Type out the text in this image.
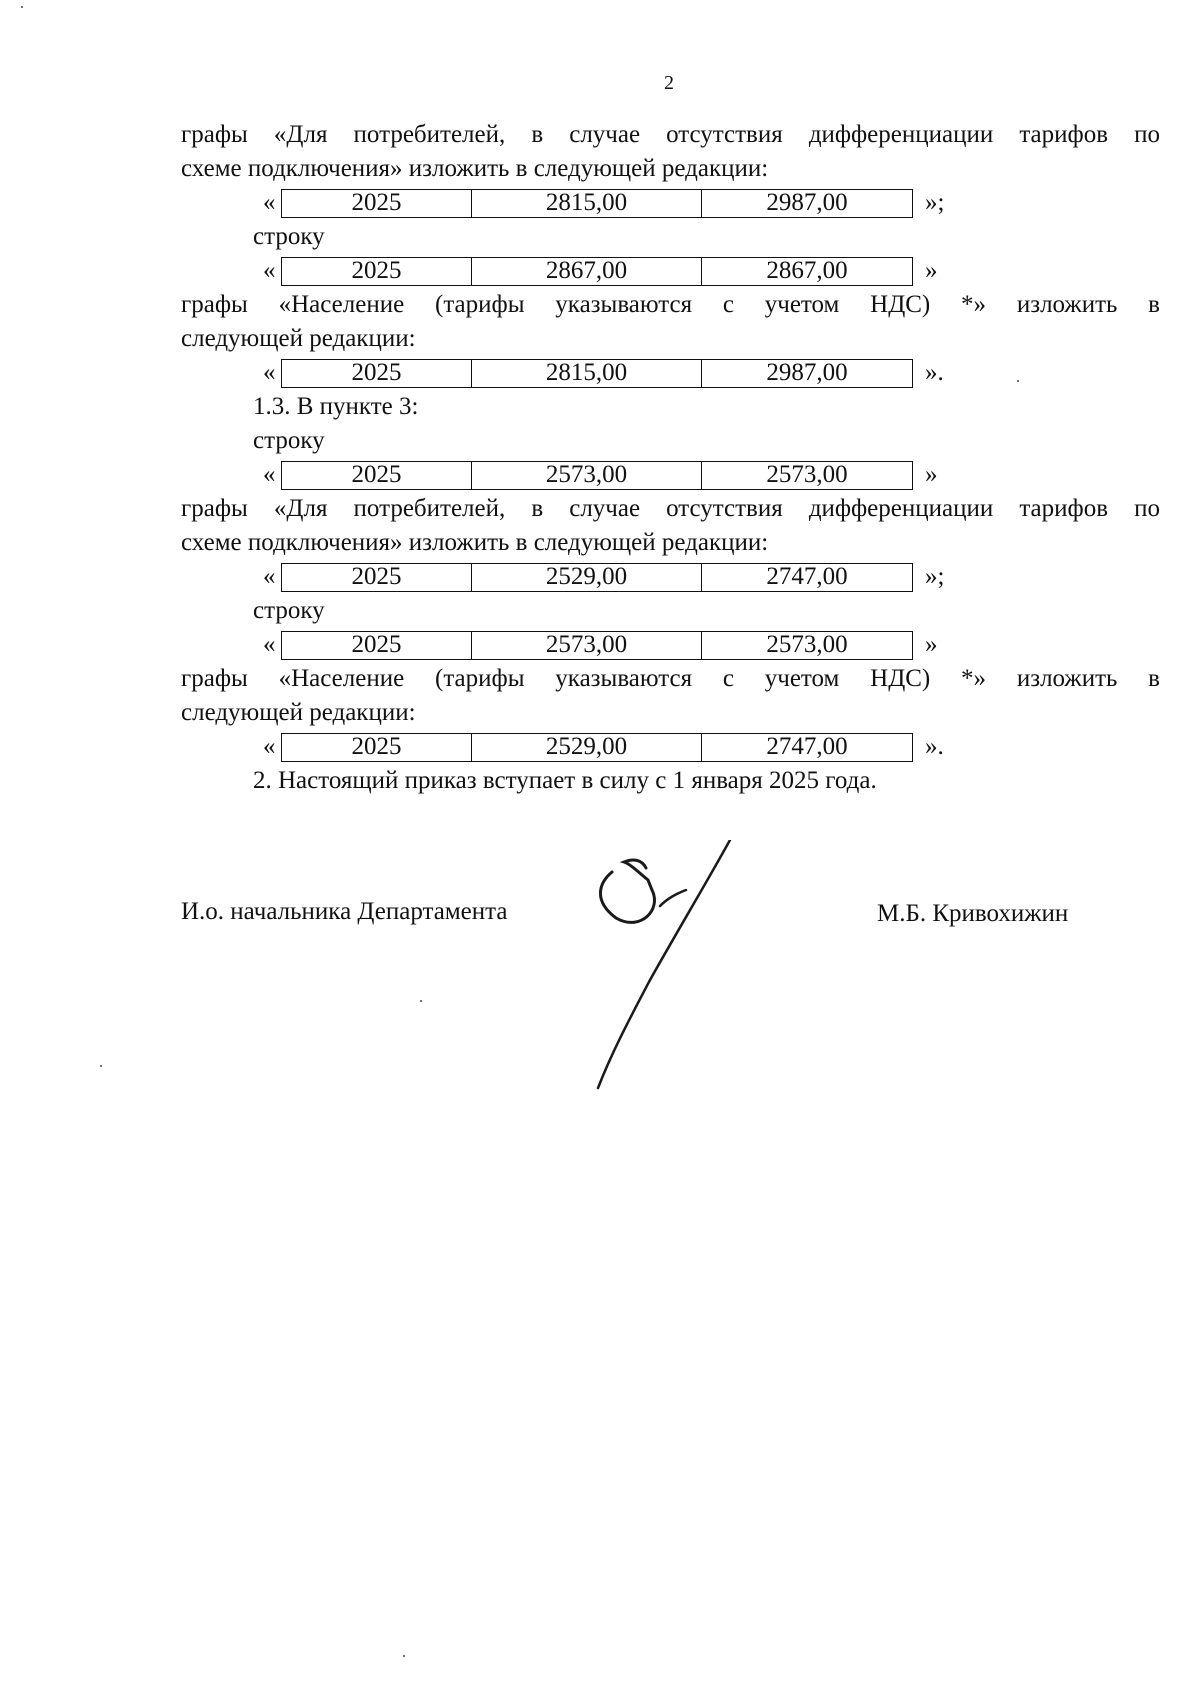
2

графы «Для потребителей, в случае отсутствия дифференциации тарифов по

схеме подключения» изложить в следующей редакции:

«	2025	2815,00	2987,00	»;

строку

«	2025	2867,00	2867,00	»

графы «Население (тарифы указываются с учетом НДС) *» изложить в

следующей редакции:

«	2025	2815,00	2987,00	».

1.3. В пункте 3:

строку

«	2025	2573,00	2573,00	»

графы «Для потребителей, в случае отсутствия дифференциации тарифов по

схеме подключения» изложить в следующей редакции:

«	2025	2529,00	2747,00	»;

строку

«	2025	2573,00	2573,00	»

графы «Население (тарифы указываются с учетом НДС) *» изложить в

следующей редакции:

«	2025	2529,00	2747,00	».

2. Настоящий приказ вступает в силу с 1 января 2025 года.

И.о. начальника Департамента	М.Б. Кривохижин
